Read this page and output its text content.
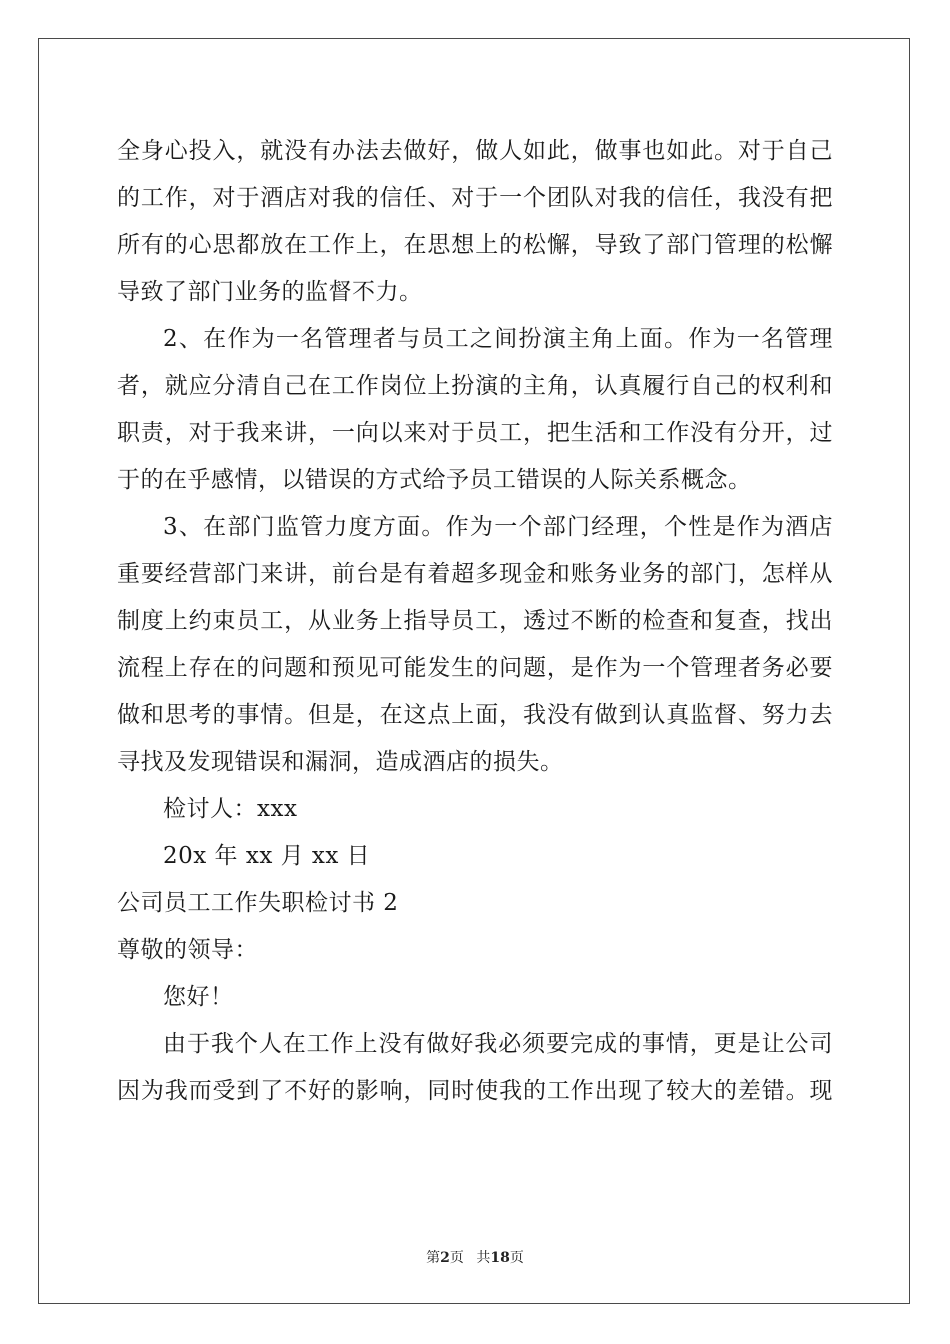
全身心投入，就没有办法去做好，做人如此，做事也如此。对于自己
的工作，对于酒店对我的信任、对于一个团队对我的信任，我没有把
所有的心思都放在工作上，在思想上的松懈，导致了部门管理的松懈
导致了部门业务的监督不力。
2、在作为一名管理者与员工之间扮演主角上面。作为一名管理
者，就应分清自己在工作岗位上扮演的主角，认真履行自己的权利和
职责，对于我来讲，一向以来对于员工，把生活和工作没有分开，过
于的在乎感情，以错误的方式给予员工错误的人际关系概念。
3、在部门监管力度方面。作为一个部门经理，个性是作为酒店
重要经营部门来讲，前台是有着超多现金和账务业务的部门，怎样从
制度上约束员工，从业务上指导员工，透过不断的检查和复查，找出
流程上存在的问题和预见可能发生的问题，是作为一个管理者务必要
做和思考的事情。但是，在这点上面，我没有做到认真监督、努力去
寻找及发现错误和漏洞，造成酒店的损失。
检讨人：xxx
20x 年 xx 月 xx 日
公司员工工作失职检讨书 2
尊敬的领导：
您好！
由于我个人在工作上没有做好我必须要完成的事情，更是让公司
因为我而受到了不好的影响，同时使我的工作出现了较大的差错。现
第2页 共18页
